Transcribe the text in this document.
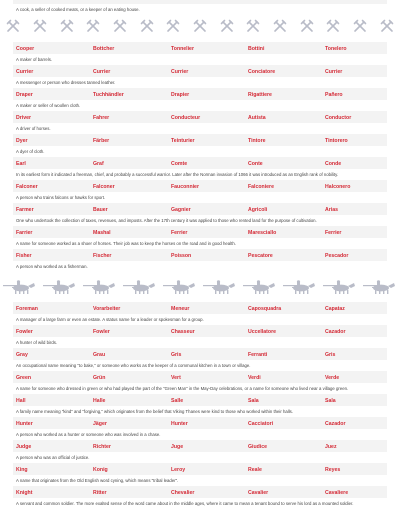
A cook, a seller of cooked meats, or a keeper of an eating house.
Cooper	Bottcher	Tonnelier	Bottini	Tonelero
A maker of barrels.
Currier	Currier	Currier	Conciatore	Currier
A messenger or person who dresses tanned leather.
Draper	Tuchhändler	Drapier	Rigattiere	Pañero
A maker or seller of woollen cloth.
Driver	Fahrer	Conducteur	Autista	Conductor
A driver of horses.
Dyer	Färber	Teinturier	Tintore	Tintorero
A dyer of cloth.
Earl	Graf	Comte	Conte	Conde
In its earliest form it indicated a freeman, chief, and probably a successful warrior. Later after the Norman invasion of 1066 it was introduced as an English rank of nobility.
Falconer	Falconer	Fauconnier	Falconiere	Halconero
A person who trains falcons or hawks for sport.
Farmer	Bauer	Gagnier	Agricoli	Arias
One who undertook the collection of taxes, revenues, and imposts. After the 17th century it was applied to those who rented land for the purpose of cultivation.
Farrier	Mashal	Ferrier	Maresciallo	Ferrier
A name for someone worked as a shoer of horses. Their job was to keep the horses on the road and in good health.
Fisher	Fischer	Poisson	Pescatore	Pescador
A person who worked as a fisherman.
Foreman	Vorarbeiter	Meneur	Caposquadra	Capataz
A manager of a large farm or even an estate. A status name for a leader or spokesman for a group.
Fowler	Fowler	Chasseur	Uccellatore	Cazador
A hunter of wild birds.
Gray	Grau	Gris	Ferranti	Gris
An occupational name meaning "to bake," or someone who works as the keeper of a communal kitchen in a town or village.
Green	Grün	Vert	Verdi	Verde
A name for someone who dressed in green or who had played the part of the "Green Man" in the May-Day celebrations, or a name for someone who lived near a village green.
Hall	Halle	Salle	Sala	Sala
A family name meaning "kind" and "forgiving," which originates from the belief that Viking Thanes were kind to those who worked within their halls.
Hunter	Jäger	Hunter	Cacciatori	Cazador
A person who worked as a hunter or someone who was involved in a chase.
Judge	Richter	Juge	Giudice	Juez
A person who was an official of justice.
King	Konig	Leroy	Reale	Reyes
A name that originates from the Old English word cyning, which means "tribal leader".
Knight	Ritter	Chevalier	Cavalier	Cavaliere
A servant and common soldier. The more exalted sense of the word came about in the middle ages, where it came to mean a tenant bound to serve his lord as a mounted soldier.
